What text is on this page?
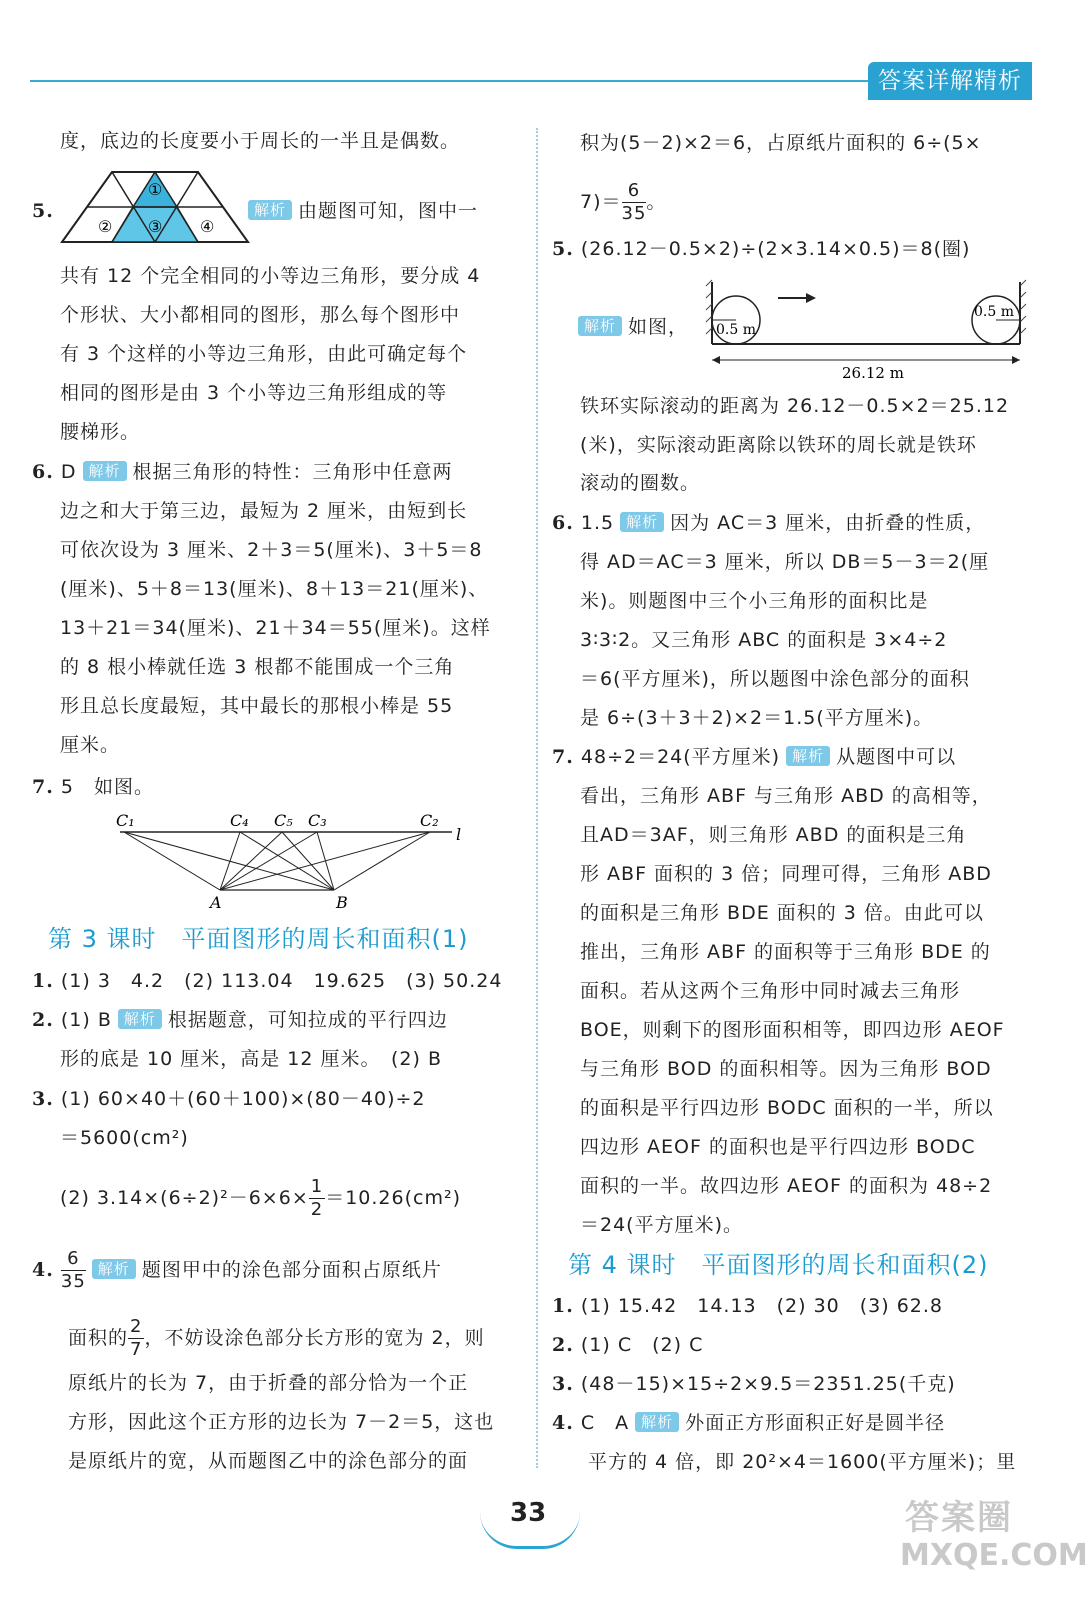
答案详解精析
度，底边的长度要小于周长的一半且是偶数。
5.
①
② ③ ④
解析 由题图可知，图中一
共有 12 个完全相同的小等边三角形，要分成 4
个形状、大小都相同的图形，那么每个图形中
有 3 个这样的小等边三角形，由此可确定每个
相同的图形是由 3 个小等边三角形组成的等
腰梯形。
6. D 解析 根据三角形的特性：三角形中任意两
边之和大于第三边，最短为 2 厘米，由短到长
可依次设为 3 厘米、2＋3＝5(厘米)、3＋5＝8
(厘米)、5＋8＝13(厘米)、8＋13＝21(厘米)、
13＋21＝34(厘米)、21＋34＝55(厘米)。这样
的 8 根小棒就任选 3 根都不能围成一个三角
形且总长度最短，其中最长的那根小棒是 55
厘米。
7. 5　如图。
C₁	C₄ C₅ C₃	C₂
l
A	B
第 3 课时　平面图形的周长和面积(1)
1. (1) 3　4.2　(2) 113.04　19.625　(3) 50.24
2. (1) B 解析 根据题意，可知拉成的平行四边
形的底是 10 厘米，高是 12 厘米。　(2) B
3. (1) 60×40＋(60＋100)×(80－40)÷2
＝5600(cm²)
(2) $3.14\times(6\div 2)^2-6\times 6\times \frac{1}{2} =10.26(cm^2)$
4. $\frac{6}{35}$ 解析 题图甲中的涂色部分面积占原纸片
面积的 $\frac{2}{7}$ ，不妨设涂色部分长方形的宽为 2，则
原纸片的长为 7，由于折叠的部分恰为一个正
方形，因此这个正方形的边长为 7－2＝5，这也
是原纸片的宽，从而题图乙中的涂色部分的面
积为(5－2)×2＝6，占原纸片面积的 6÷(5×
$7)= \frac{6}{35}$ 。
5. (26.12－0.5×2)÷(2×3.14×0.5)＝8(圈)
解析 如图， 0.5 m
0.5 m
26.12 m
铁环实际滚动的距离为 26.12－0.5×2＝25.12
(米)，实际滚动距离除以铁环的周长就是铁环
滚动的圈数。
6. 1.5 解析 因为 AC＝3 厘米，由折叠的性质，
得 AD＝AC＝3 厘米，所以 DB＝5－3＝2(厘
米)。则题图中三个小三角形的面积比是
3∶3∶2。又三角形 ABC 的面积是 3×4÷2
＝6(平方厘米)，所以题图中涂色部分的面积
是 6÷(3＋3＋2)×2＝1.5(平方厘米)。
7. 48÷2＝24(平方厘米) 解析 从题图中可以
看出，三角形 ABF 与三角形 ABD 的高相等，
且AD＝3AF，则三角形 ABD 的面积是三角
形 ABF 面积的 3 倍；同理可得，三角形 ABD
的面积是三角形 BDE 面积的 3 倍。由此可以
推出，三角形 ABF 的面积等于三角形 BDE 的
面积。若从这两个三角形中同时减去三角形
BOE，则剩下的图形面积相等，即四边形 AEOF
与三角形 BOD 的面积相等。因为三角形 BOD
的面积是平行四边形 BODC 面积的一半，所以
四边形 AEOF 的面积也是平行四边形 BODC
面积的一半。故四边形 AEOF 的面积为 48÷2
＝24(平方厘米)。
第 4 课时　平面图形的周长和面积(2)
1. (1) 15.42　14.13　(2) 30　(3) 62.8
2. (1) C　(2) C
3. (48－15)×15÷2×9.5＝2351.25(千克)
4. C　A 解析 外面正方形面积正好是圆半径
平方的 4 倍，即 20²×4＝1600(平方厘米)；里
33	答案圈
MXQE.COM
